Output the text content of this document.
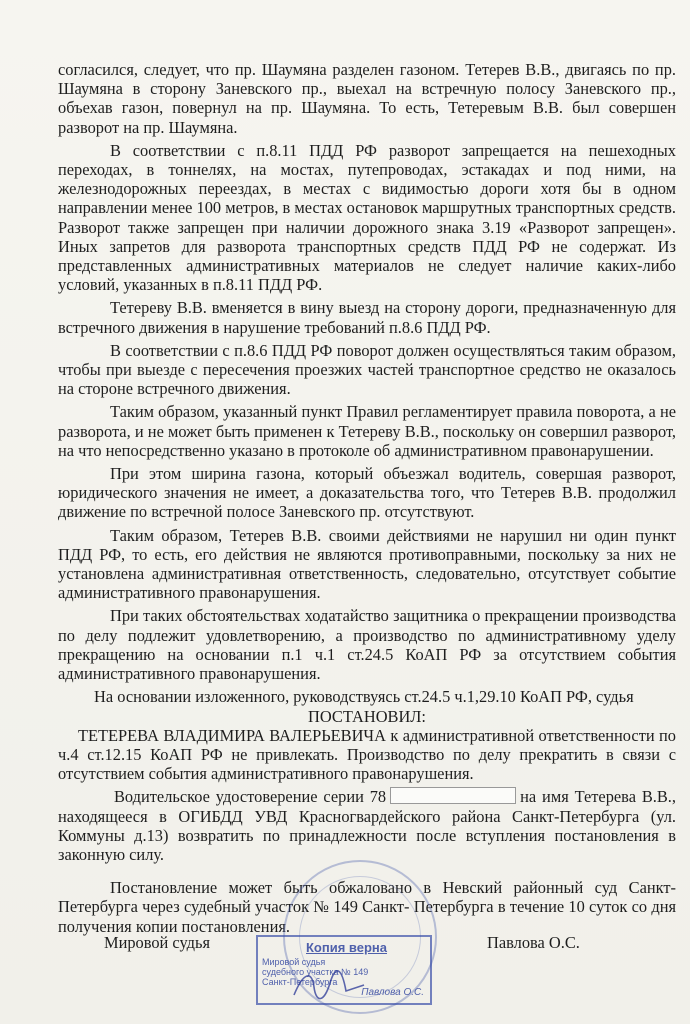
согласился, следует, что пр. Шаумяна разделен газоном. Тетерев В.В., двигаясь по пр. Шаумяна в сторону Заневского пр., выехал на встречную полосу Заневского пр., объехав газон, повернул на пр. Шаумяна. То есть, Тетеревым В.В. был совершен разворот на пр. Шаумяна.

В соответствии с п.8.11 ПДД РФ разворот запрещается на пешеходных переходах, в тоннелях, на мостах, путепроводах, эстакадах и под ними, на железнодорожных переездах, в местах с видимостью дороги хотя бы в одном направлении менее 100 метров, в местах остановок маршрутных транспортных средств. Разворот также запрещен при наличии дорожного знака 3.19 «Разворот запрещен». Иных запретов для разворота транспортных средств ПДД РФ не содержат. Из представленных административных материалов не следует наличие каких-либо условий, указанных в п.8.11 ПДД РФ.

Тетереву В.В. вменяется в вину выезд на сторону дороги, предназначенную для встречного движения в нарушение требований п.8.6 ПДД РФ.

В соответствии с п.8.6 ПДД РФ поворот должен осуществляться таким образом, чтобы при выезде с пересечения проезжих частей транспортное средство не оказалось на стороне встречного движения.

Таким образом, указанный пункт Правил регламентирует правила поворота, а не разворота, и не может быть применен к Тетереву В.В., поскольку он совершил разворот, на что непосредственно указано в протоколе об административном правонарушении.

При этом ширина газона, который объезжал водитель, совершая разворот, юридического значения не имеет, а доказательства того, что Тетерев В.В. продолжил движение по встречной полосе Заневского пр. отсутствуют.

Таким образом, Тетерев В.В. своими действиями не нарушил ни один пункт ПДД РФ, то есть, его действия не являются противоправными, поскольку за них не установлена административная ответственность, следовательно, отсутствует событие административного правонарушения.

При таких обстоятельствах ходатайство защитника о прекращении производства по делу подлежит удовлетворению, а производство по административному уделу прекращению на основании п.1 ч.1 ст.24.5 КоАП РФ за отсутствием события административного правонарушения.

На основании изложенного, руководствуясь ст.24.5 ч.1,29.10 КоАП РФ, судья

ПОСТАНОВИЛ:

ТЕТЕРЕВА ВЛАДИМИРА ВАЛЕРЬЕВИЧА к административной ответственности по ч.4 ст.12.15 КоАП РФ не привлекать. Производство по делу прекратить в связи с отсутствием события административного правонарушения.

Водительское удостоверение серии 78	на имя Тетерева В.В., находящееся в ОГИБДД УВД Красногвардейского района Санкт-Петербурга (ул. Коммуны д.13) возвратить по принадлежности после вступления постановления в законную силу.

Постановление может быть обжаловано в Невский районный суд Санкт-Петербурга через судебный участок № 149 Санкт- Петербурга в течение 10 суток со дня получения копии постановления.

Мировой судья	Павлова О.С.
Копия верна
Мировой судья
судебного участка № 149
Санкт-Петербурга
Павлова О.С.
